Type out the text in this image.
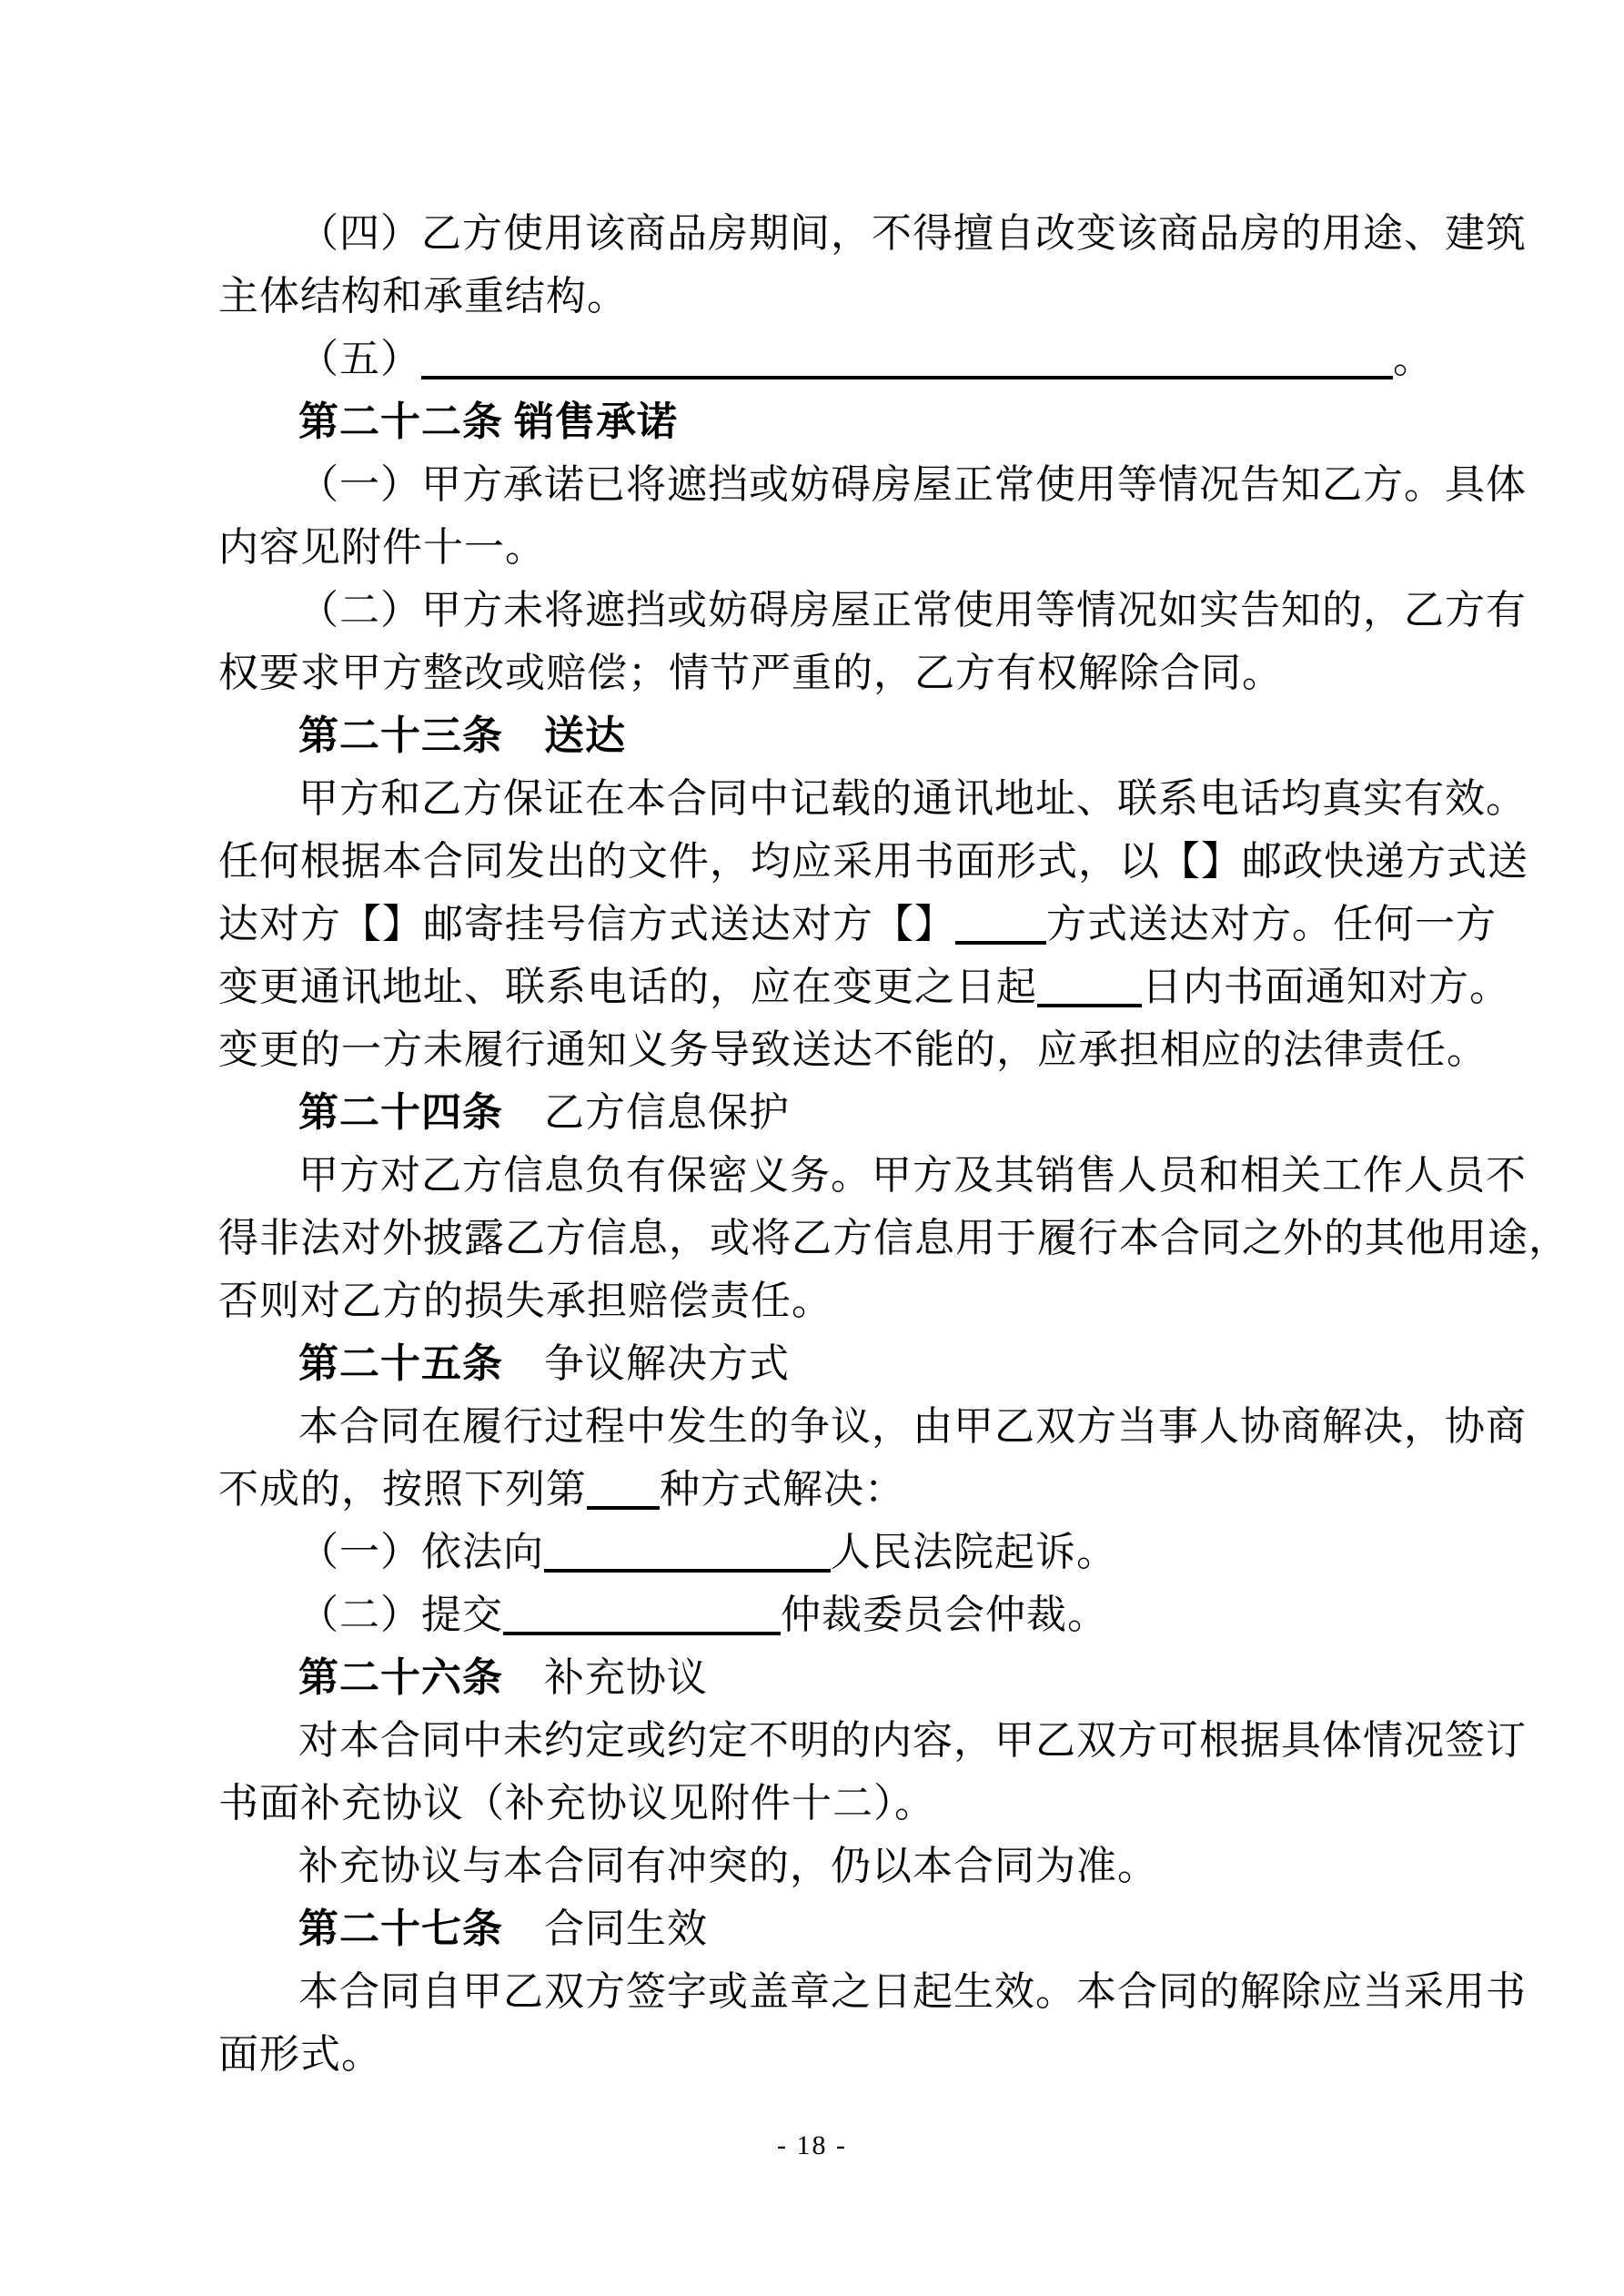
（四）乙方使用该商品房期间，不得擅自改变该商品房的用途、建筑
主体结构和承重结构。
（五）	。
第二十二条 销售承诺
（一）甲方承诺已将遮挡或妨碍房屋正常使用等情况告知乙方。具体
内容见附件十一。
（二）甲方未将遮挡或妨碍房屋正常使用等情况如实告知的，乙方有
权要求甲方整改或赔偿；情节严重的，乙方有权解除合同。
第二十三条　送达
甲方和乙方保证在本合同中记载的通讯地址、联系电话均真实有效。
任何根据本合同发出的文件，均应采用书面形式，以【】邮政快递方式送
达对方【】邮寄挂号信方式送达对方【】 方式送达对方。任何一方
变更通讯地址、联系电话的，应在变更之日起	日内书面通知对方。
变更的一方未履行通知义务导致送达不能的，应承担相应的法律责任。
第二十四条　乙方信息保护
甲方对乙方信息负有保密义务。甲方及其销售人员和相关工作人员不
得非法对外披露乙方信息，或将乙方信息用于履行本合同之外的其他用途，
否则对乙方的损失承担赔偿责任。
第二十五条　争议解决方式
本合同在履行过程中发生的争议，由甲乙双方当事人协商解决，协商
不成的，按照下列第 种方式解决：
（一）依法向	人民法院起诉。
（二）提交	仲裁委员会仲裁。
第二十六条　补充协议
对本合同中未约定或约定不明的内容，甲乙双方可根据具体情况签订
书面补充协议（补充协议见附件十二）。
补充协议与本合同有冲突的，仍以本合同为准。
第二十七条　合同生效
本合同自甲乙双方签字或盖章之日起生效。本合同的解除应当采用书
面形式。
- 18 -
